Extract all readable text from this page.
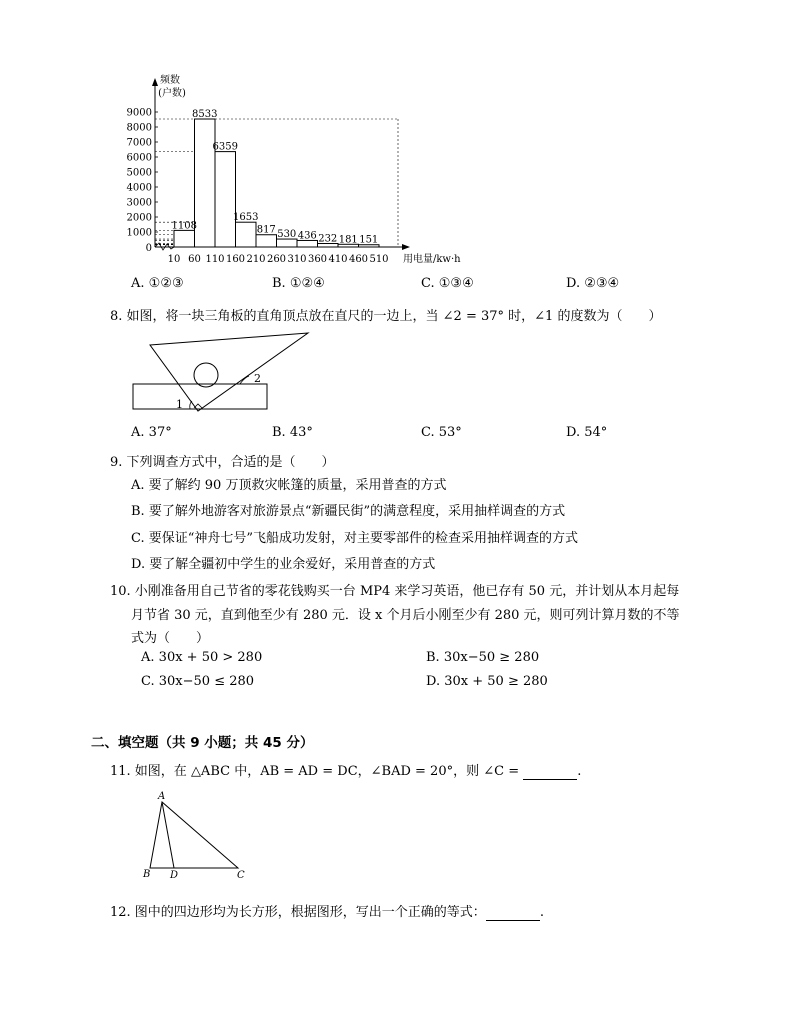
频数
(户数)
0
1000
2000
3000
4000
5000
6000
7000
8000
9000
1108
8533
6359
1653
817 530 436 232 181 151
10 60 110 160 210 260 310 360 410 460 510 用电量/kw·h
A. ①②③	B. ①②④	C. ①③④	D. ②③④
8. 如图，将一块三角板的直角顶点放在直尺的一边上，当 ∠2 = 37° 时，∠1 的度数为（　　）
2
1
A. 37°	B. 43°	C. 53°	D. 54°
9. 下列调查方式中，合适的是（　　）
A. 要了解约 90 万顶救灾帐篷的质量，采用普查的方式
B. 要了解外地游客对旅游景点“新疆民街”的满意程度，采用抽样调查的方式
C. 要保证“神舟七号”飞船成功发射，对主要零部件的检查采用抽样调查的方式
D. 要了解全疆初中学生的业余爱好，采用普查的方式
10. 小刚准备用自己节省的零花钱购买一台 MP4 来学习英语，他已存有 50 元，并计划从本月起每
月节省 30 元，直到他至少有 280 元．设 x 个月后小刚至少有 280 元，则可列计算月数的不等
式为（　　）
A. 30x + 50 > 280	B. 30x−50 ≥ 280
C. 30x−50 ≤ 280	D. 30x + 50 ≥ 280
二、填空题（共 9 小题；共 45 分）
11. 如图，在 △ABC 中，AB = AD = DC，∠BAD = 20°，则 ∠C =	.
A
B D	C
12. 图中的四边形均为长方形，根据图形，写出一个正确的等式：	.
